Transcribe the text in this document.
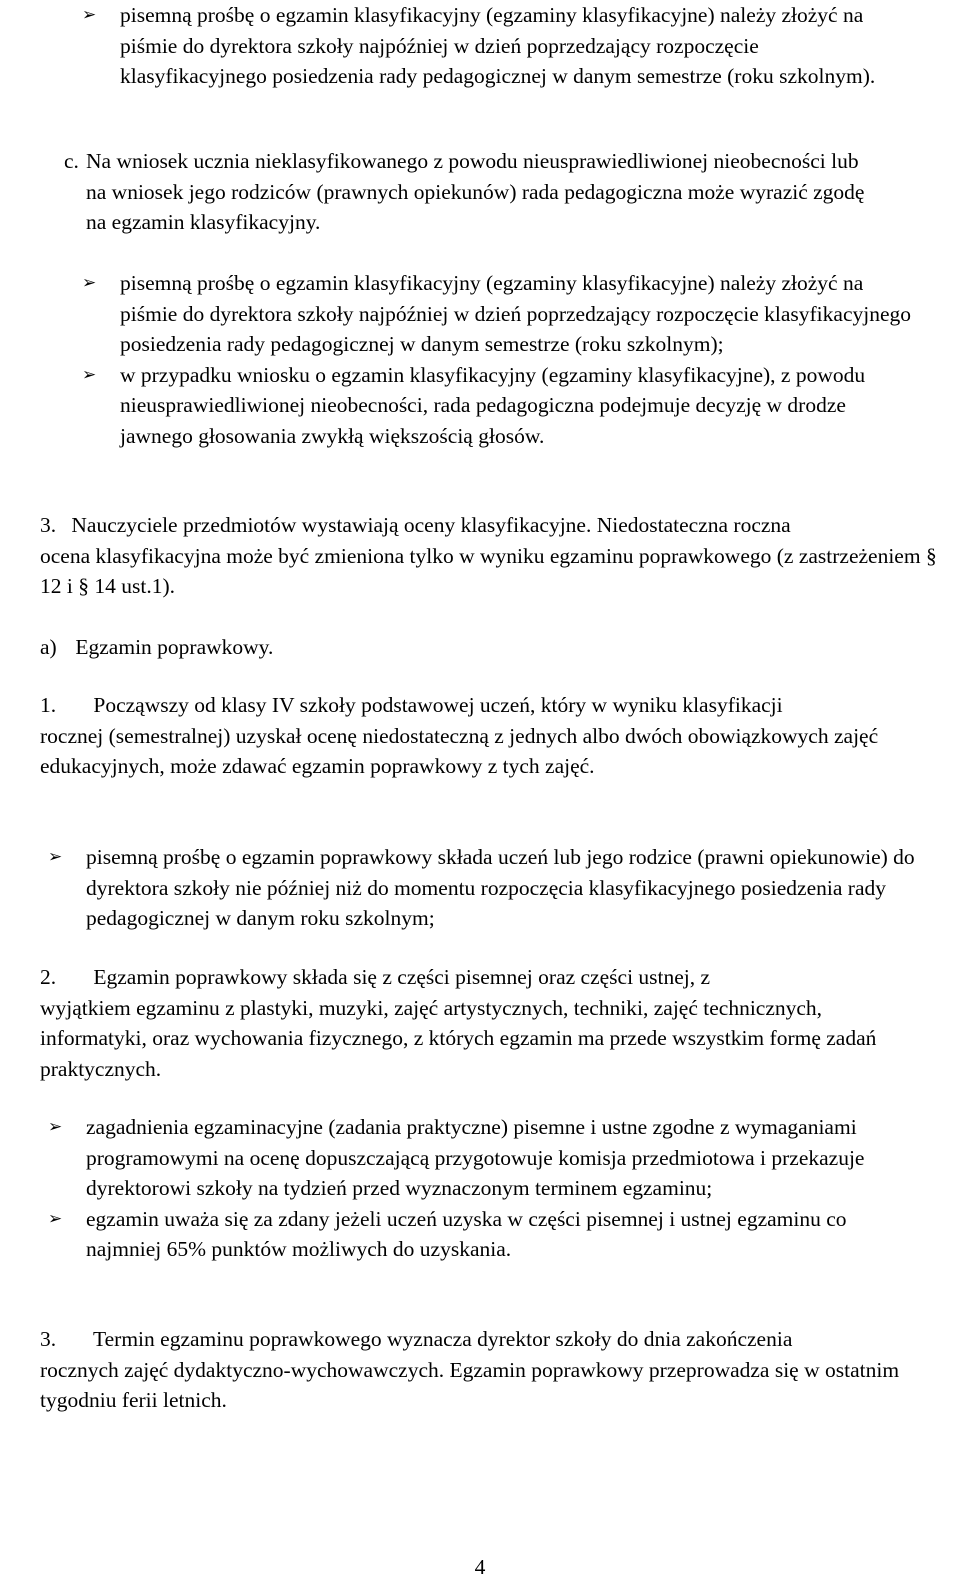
➢ pisemną prośbę o egzamin klasyfikacyjny (egzaminy klasyfikacyjne) należy złożyć na piśmie do dyrektora szkoły najpóźniej w dzień poprzedzający rozpoczęcie klasyfikacyjnego posiedzenia rady pedagogicznej w danym semestrze (roku szkolnym).
c. Na wniosek ucznia nieklasyfikowanego z powodu nieusprawiedliwionej nieobecności lub na wniosek jego rodziców (prawnych opiekunów) rada pedagogiczna może wyrazić zgodę na egzamin klasyfikacyjny.
➢ pisemną prośbę o egzamin klasyfikacyjny (egzaminy klasyfikacyjne) należy złożyć na piśmie do dyrektora szkoły najpóźniej w dzień poprzedzający rozpoczęcie klasyfikacyjnego posiedzenia rady pedagogicznej w danym semestrze (roku szkolnym);
➢ w przypadku wniosku o egzamin klasyfikacyjny (egzaminy klasyfikacyjne), z powodu nieusprawiedliwionej nieobecności, rada pedagogiczna podejmuje decyzję w drodze jawnego głosowania zwykłą większością głosów.
3. Nauczyciele przedmiotów wystawiają oceny klasyfikacyjne. Niedostateczna roczna
ocena klasyfikacyjna może być zmieniona tylko w wyniku egzaminu poprawkowego (z zastrzeżeniem § 12 i § 14 ust.1).
a) Egzamin poprawkowy.
1. Począwszy od klasy IV szkoły podstawowej uczeń, który w wyniku klasyfikacji
rocznej (semestralnej) uzyskał ocenę niedostateczną z jednych albo dwóch obowiązkowych zajęć edukacyjnych, może zdawać egzamin poprawkowy z tych zajęć.
➢ pisemną prośbę o egzamin poprawkowy składa uczeń lub jego rodzice (prawni opiekunowie) do dyrektora szkoły nie później niż do momentu rozpoczęcia klasyfikacyjnego posiedzenia rady pedagogicznej w danym roku szkolnym;
2. Egzamin poprawkowy składa się z części pisemnej oraz części ustnej, z
wyjątkiem egzaminu z plastyki, muzyki, zajęć artystycznych, techniki, zajęć technicznych, informatyki, oraz wychowania fizycznego, z których egzamin ma przede wszystkim formę zadań praktycznych.
➢ zagadnienia egzaminacyjne (zadania praktyczne) pisemne i ustne zgodne z wymaganiami programowymi na ocenę dopuszczającą przygotowuje komisja przedmiotowa i przekazuje dyrektorowi szkoły na tydzień przed wyznaczonym terminem egzaminu;
➢ egzamin uważa się za zdany jeżeli uczeń uzyska w części pisemnej i ustnej egzaminu co najmniej 65% punktów możliwych do uzyskania.
3. Termin egzaminu poprawkowego wyznacza dyrektor szkoły do dnia zakończenia
rocznych zajęć dydaktyczno-wychowawczych. Egzamin poprawkowy przeprowadza się w ostatnim tygodniu ferii letnich.
4
